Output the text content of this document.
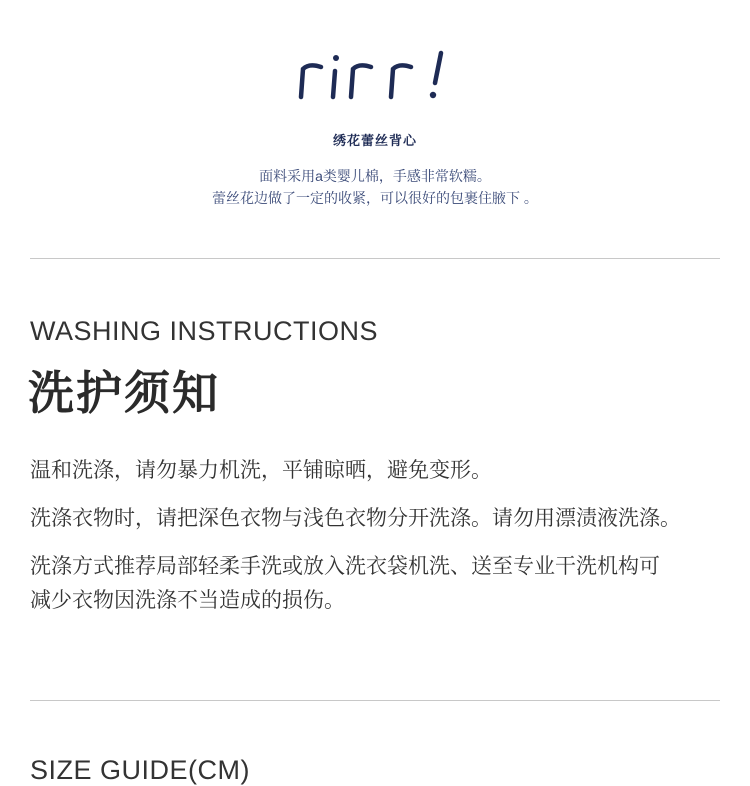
绣花蕾丝背心
面料采用a类婴儿棉，手感非常软糯。
蕾丝花边做了一定的收紧，可以很好的包裹住腋下 。
WASHING INSTRUCTIONS
洗护须知
温和洗涤，请勿暴力机洗，平铺晾晒，避免变形。
洗涤衣物时，请把深色衣物与浅色衣物分开洗涤。请勿用漂渍液洗涤。
洗涤方式推荐局部轻柔手洗或放入洗衣袋机洗、送至专业干洗机构可
减少衣物因洗涤不当造成的损伤。
SIZE GUIDE(CM)
